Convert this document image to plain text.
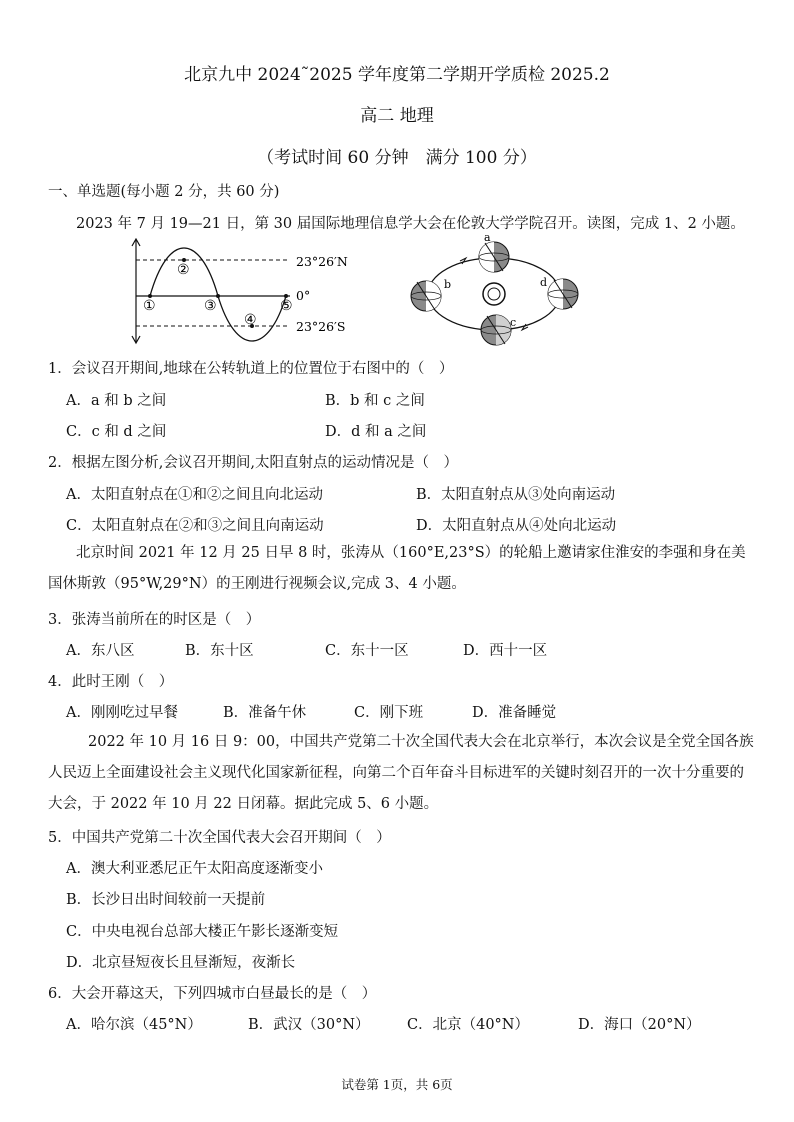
北京九中 2024˜2025 学年度第二学期开学质检 2025.2
高二 地理
（考试时间 60 分钟　满分 100 分）
一、单选题(每小题 2 分，共 60 分)
2023 年 7 月 19—21 日，第 30 届国际地理信息学大会在伦敦大学学院召开。读图，完成 1、2 小题。
①
②
③
④
⑤
23°26′N
0°
23°26′S
a
b
c
d
1．会议召开期间,地球在公转轨道上的位置位于右图中的（　）
A．a 和 b 之间	B．b 和 c 之间
C．c 和 d 之间	D．d 和 a 之间
2．根据左图分析,会议召开期间,太阳直射点的运动情况是（　）
A．太阳直射点在①和②之间且向北运动	B．太阳直射点从③处向南运动
C．太阳直射点在②和③之间且向南运动	D．太阳直射点从④处向北运动
北京时间 2021 年 12 月 25 日早 8 时，张涛从（160°E,23°S）的轮船上邀请家住淮安的李强和身在美国休斯敦（95°W,29°N）的王刚进行视频会议,完成 3、4 小题。
3．张涛当前所在的时区是（　）
A．东八区	B．东十区	C．东十一区	D．西十一区
4．此时王刚（　）
A．刚刚吃过早餐	B．准备午休	C．刚下班	D．准备睡觉
2022 年 10 月 16 日 9：00，中国共产党第二十次全国代表大会在北京举行，本次会议是全党全国各族人民迈上全面建设社会主义现代化国家新征程，向第二个百年奋斗目标进军的关键时刻召开的一次十分重要的大会，于 2022 年 10 月 22 日闭幕。据此完成 5、6 小题。
5．中国共产党第二十次全国代表大会召开期间（　）
A．澳大利亚悉尼正午太阳高度逐渐变小
B．长沙日出时间较前一天提前
C．中央电视台总部大楼正午影长逐渐变短
D．北京昼短夜长且昼渐短，夜渐长
6．大会开幕这天，下列四城市白昼最长的是（　）
A．哈尔滨（45°N）	B．武汉（30°N）	C．北京（40°N）	D．海口（20°N）
试卷第 1页，共 6页
